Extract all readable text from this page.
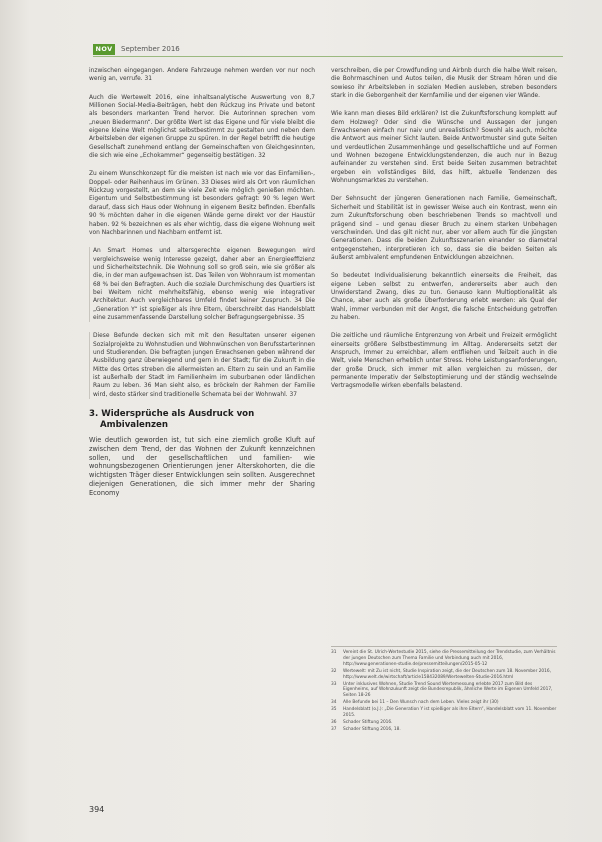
NOV	September 2016

inzwischen eingegangen. Andere Fahrzeuge nehmen werden vor nur noch wenig an, verrufe. 31

Auch die Wertewelt 2016, eine inhaltsanalytische Auswertung von 8,7 Millionen Social-Media-Beiträgen, hebt den Rückzug ins Private und betont als besonders markanten Trend hervor. Die Autorinnen sprechen vom „neuen Biedermann“. Der größte Wert ist das Eigene und für viele bleibt die eigene kleine Welt möglichst selbstbestimmt zu gestalten und neben dem Arbeitsleben der eigenen Gruppe zu spüren. In der Regel betrifft die heutige Gesellschaft zunehmend entlang der Gemeinschaften von Gleichgesinnten, die sich wie eine „Echokammer“ gegenseitig bestätigen. 32

Zu einem Wunschkonzept für die meisten ist nach wie vor das Einfamilien-, Doppel- oder Reihenhaus im Grünen. 33 Dieses wird als Ort von räumlichen Rückzug vorgestellt, an dem sie viele Zeit wie möglich genießen möchten. Eigentum und Selbstbestimmung ist besonders gefragt: 90 % legen Wert darauf, dass sich Haus oder Wohnung in eigenem Besitz befinden. Ebenfalls 90 % möchten daher in die eigenen Wände gerne direkt vor der Haustür haben. 92 % bezeichnen es als eher wichtig, dass die eigene Wohnung weit von Nachbarinnen und Nachbarn entfernt ist.

An Smart Homes und altersgerechte eigenen Bewegungen wird vergleichsweise wenig Interesse gezeigt, daher aber an Energieeffizienz und Sicherheitstechnik. Die Wohnung soll so groß sein, wie sie größer als die, in der man aufgewachsen ist. Das Teilen von Wohnraum ist momentan 68 % bei den Befragten. Auch die soziale Durchmischung des Quartiers ist bei Weitem nicht mehrheitsfähig, ebenso wenig wie integrativer Architektur. Auch vergleichbares Umfeld findet keiner Zuspruch. 34 Die „Generation Y“ ist spießiger als ihre Eltern, überschreibt das Handelsblatt eine zusammenfassende Darstellung solcher Befragungsergebnisse. 35

Diese Befunde decken sich mit mit den Resultaten unserer eigenen Sozialprojekte zu Wohnstudien und Wohnwünschen von Berufsstarterinnen und Studierenden. Die befragten jungen Erwachsenen geben während der Ausbildung ganz überwiegend und gern in der Stadt; für die Zukunft in die Mitte des Ortes streben die allermeisten an. Eltern zu sein und an Familie ist außerhalb der Stadt im Familienheim im suburbanen oder ländlichen Raum zu leben. 36 Man sieht also, es bröckeln der Rahmen der Familie wird, desto stärker sind traditionelle Schemata bei der Wohnwahl. 37

3. Widersprüche als Ausdruck von Ambivalenzen

Wie deutlich geworden ist, tut sich eine ziemlich große Kluft auf zwischen dem Trend, der das Wohnen der Zukunft kennzeichnen sollen, und der gesellschaftlichen und familien- wie wohnungsbezogenen Orientierungen jener Alterskohorten, die die wichtigsten Träger dieser Entwicklungen sein sollten. Ausgerechnet diejenigen Generationen, die sich immer mehr der Sharing Economy

verschreiben, die per Crowdfunding und Airbnb durch die halbe Welt reisen, die Bohrmaschinen und Autos teilen, die Musik der Stream hören und die sowieso ihr Arbeitsleben in sozialen Medien ausleben, streben besonders stark in die Geborgenheit der Kernfamilie und der eigenen vier Wände.

Wie kann man dieses Bild erklären? Ist die Zukunftsforschung komplett auf dem Holzweg? Oder sind die Wünsche und Aussagen der jungen Erwachsenen einfach nur naiv und unrealistisch? Sowohl als auch, möchte die Antwort aus meiner Sicht lauten. Beide Antwortmuster sind gute Seiten und verdeutlichen Zusammenhänge und gesellschaftliche und auf Formen und Wohnen bezogene Entwicklungstendenzen, die auch nur in Bezug aufeinander zu verstehen sind. Erst beide Seiten zusammen betrachtet ergeben ein vollständiges Bild, das hilft, aktuelle Tendenzen des Wohnungsmarktes zu verstehen.

Der Sehnsucht der jüngeren Generationen nach Familie, Gemeinschaft, Sicherheit und Stabilität ist in gewisser Weise auch ein Kontrast, wenn ein zum Zukunftsforschung oben beschriebenen Trends so machtvoll und prägend sind – und genau dieser Bruch zu einem starken Unbehagen verschwinden. Und das gilt nicht nur, aber vor allem auch für die jüngsten Generationen. Dass die beiden Zukunftsszenarien einander so diametral entgegenstehen, interpretieren ich so, dass sie die beiden Seiten als äußerst ambivalent empfundenen Entwicklungen abzeichnen.

So bedeutet Individualisierung bekanntlich einerseits die Freiheit, das eigene Leben selbst zu entwerfen, andererseits aber auch den Unwiderstand Zwang, dies zu tun. Genauso kann Multioptionalität als Chance, aber auch als große Überforderung erlebt werden: als Qual der Wahl, immer verbunden mit der Angst, die falsche Entscheidung getroffen zu haben.

Die zeitliche und räumliche Entgrenzung von Arbeit und Freizeit ermöglicht einerseits größere Selbstbestimmung im Alltag. Andererseits setzt der Anspruch, Immer zu erreichbar, allem entfliehen und Teilzeit auch in die Welt, viele Menschen erheblich unter Stress. Hohe Leistungsanforderungen, der große Druck, sich immer mit allen vergleichen zu müssen, der permanente Imperativ der Selbstoptimierung und der ständig wechselnde Vertragsmodelle wirken ebenfalls belastend.

31	Vereint die St. Ulrich-Wertestudie 2015, siehe die Pressemitteilung der Trendstudie, zum Verhältnis der jungen Deutschen zum Thema Familie und Verbindung auch mit 2016, http://www.generationen-studie.de/pressemitteilungen/2015-05-12
32	Wertewelt: mit Zu ist nicht, Studie Inspiration zeigt, die der Deutschen zum 18. November 2016, http://www.welt.de/wirtschaft/article158432089/Wertewelten-Studie-2016.html
33	Unter inklusives Wohnen, Studie Trend Sound Wertemessung erlebte 2017 zum Bild des Eigenheims, auf Wohnzukunft zeigt die Bundesrepublik, ähnliche Werte im Eigenen Umfeld 2017, Seiten 18-26
34	Alle Befunde bei 11 – Den Wunsch nach dem Leben. Vieles zeigt ihr (30)
35	Handelsblatt (o.J.): „Die Generation Y ist spießiger als ihre Eltern“, Handelsblatt vom 11. November 2015.
36	Schader Stiftung 2016.
37	Schader Stiftung 2016, 18.
394
